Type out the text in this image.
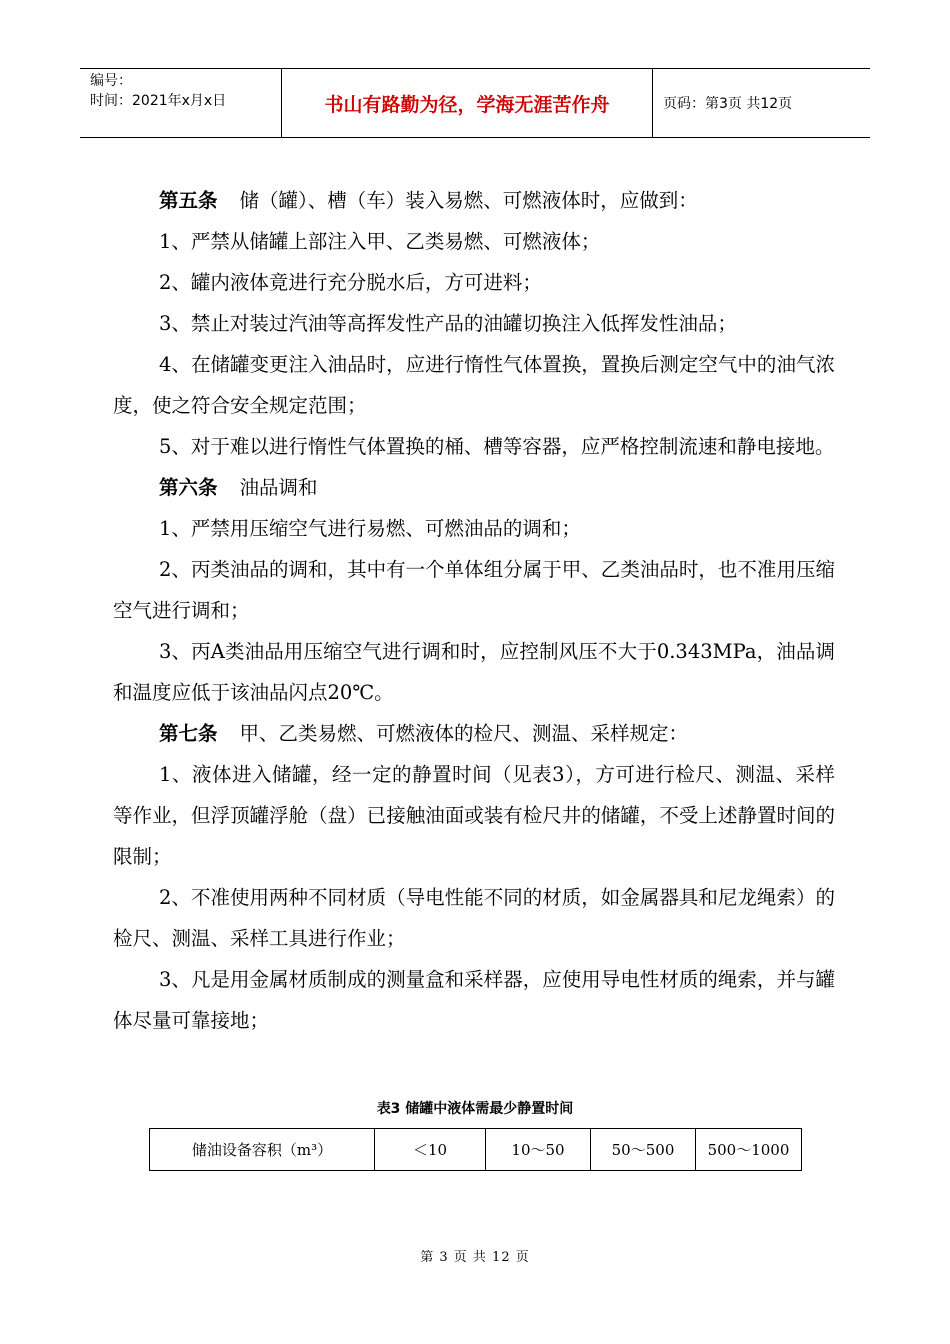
编号：
时间：2021年x月x日	书山有路勤为径，学海无涯苦作舟	页码：第3页 共12页

第五条 储（罐）、槽（车）装入易燃、可燃液体时，应做到：

1、严禁从储罐上部注入甲、乙类易燃、可燃液体；

2、罐内液体竟进行充分脱水后，方可进料；

3、禁止对装过汽油等高挥发性产品的油罐切换注入低挥发性油品；

4、在储罐变更注入油品时，应进行惰性气体置换，置换后测定空气中的油气浓度，使之符合安全规定范围；

5、对于难以进行惰性气体置换的桶、槽等容器，应严格控制流速和静电接地。

第六条 油品调和

1、严禁用压缩空气进行易燃、可燃油品的调和；

2、丙类油品的调和，其中有一个单体组分属于甲、乙类油品时，也不准用压缩空气进行调和；

3、丙A类油品用压缩空气进行调和时，应控制风压不大于0.343MPa，油品调和温度应低于该油品闪点20℃。

第七条 甲、乙类易燃、可燃液体的检尺、测温、采样规定：

1、液体进入储罐，经一定的静置时间（见表3），方可进行检尺、测温、采样等作业，但浮顶罐浮舱（盘）已接触油面或装有检尺井的储罐，不受上述静置时间的限制；

2、不准使用两种不同材质（导电性能不同的材质，如金属器具和尼龙绳索）的检尺、测温、采样工具进行作业；

3、凡是用金属材质制成的测量盒和采样器，应使用导电性材质的绳索，并与罐体尽量可靠接地；

表3 储罐中液体需最少静置时间
储油设备容积（m³）	＜10	10～50	50～500	500～1000
第 3 页 共 12 页
